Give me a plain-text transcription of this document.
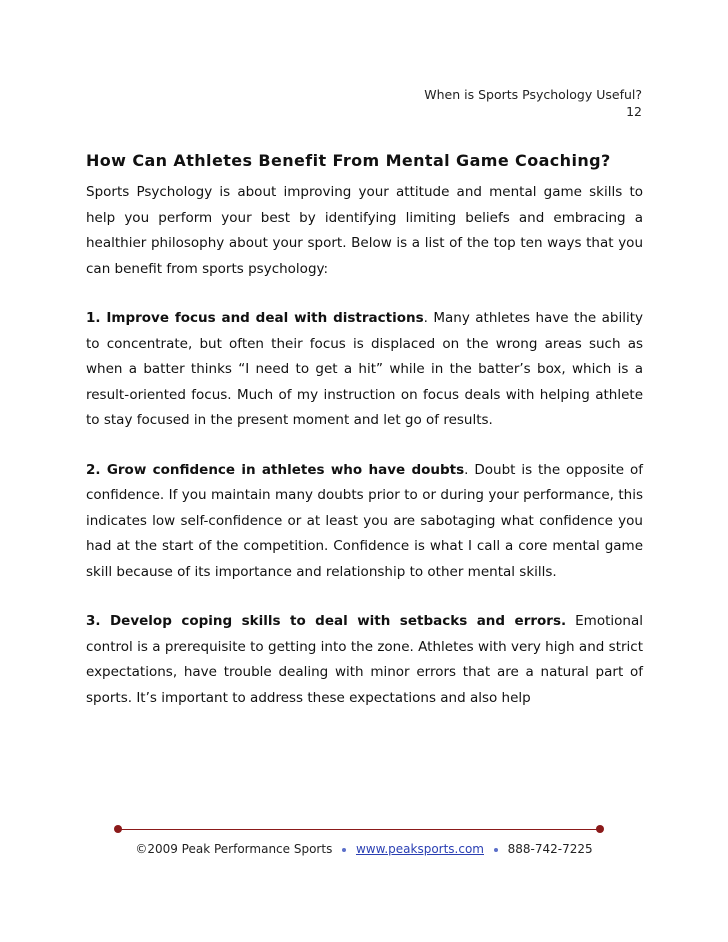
When is Sports Psychology Useful?
12
How Can Athletes Benefit From Mental Game Coaching?

Sports Psychology is about improving your attitude and mental game skills to help you perform your best by identifying limiting beliefs and embracing a healthier philosophy about your sport. Below is a list of the top ten ways that you can benefit from sports psychology:

1. Improve focus and deal with distractions. Many athletes have the ability to concentrate, but often their focus is displaced on the wrong areas such as when a batter thinks “I need to get a hit” while in the batter’s box, which is a result-oriented focus. Much of my instruction on focus deals with helping athlete to stay focused in the present moment and let go of results.

2. Grow confidence in athletes who have doubts. Doubt is the opposite of confidence. If you maintain many doubts prior to or during your performance, this indicates low self-confidence or at least you are sabotaging what confidence you had at the start of the competition. Confidence is what I call a core mental game skill because of its importance and relationship to other mental skills.

3. Develop coping skills to deal with setbacks and errors. Emotional control is a prerequisite to getting into the zone. Athletes with very high and strict expectations, have trouble dealing with minor errors that are a natural part of sports. It’s important to address these expectations and also help

©2009 Peak Performance Sports www.peaksports.com 888-742-7225
